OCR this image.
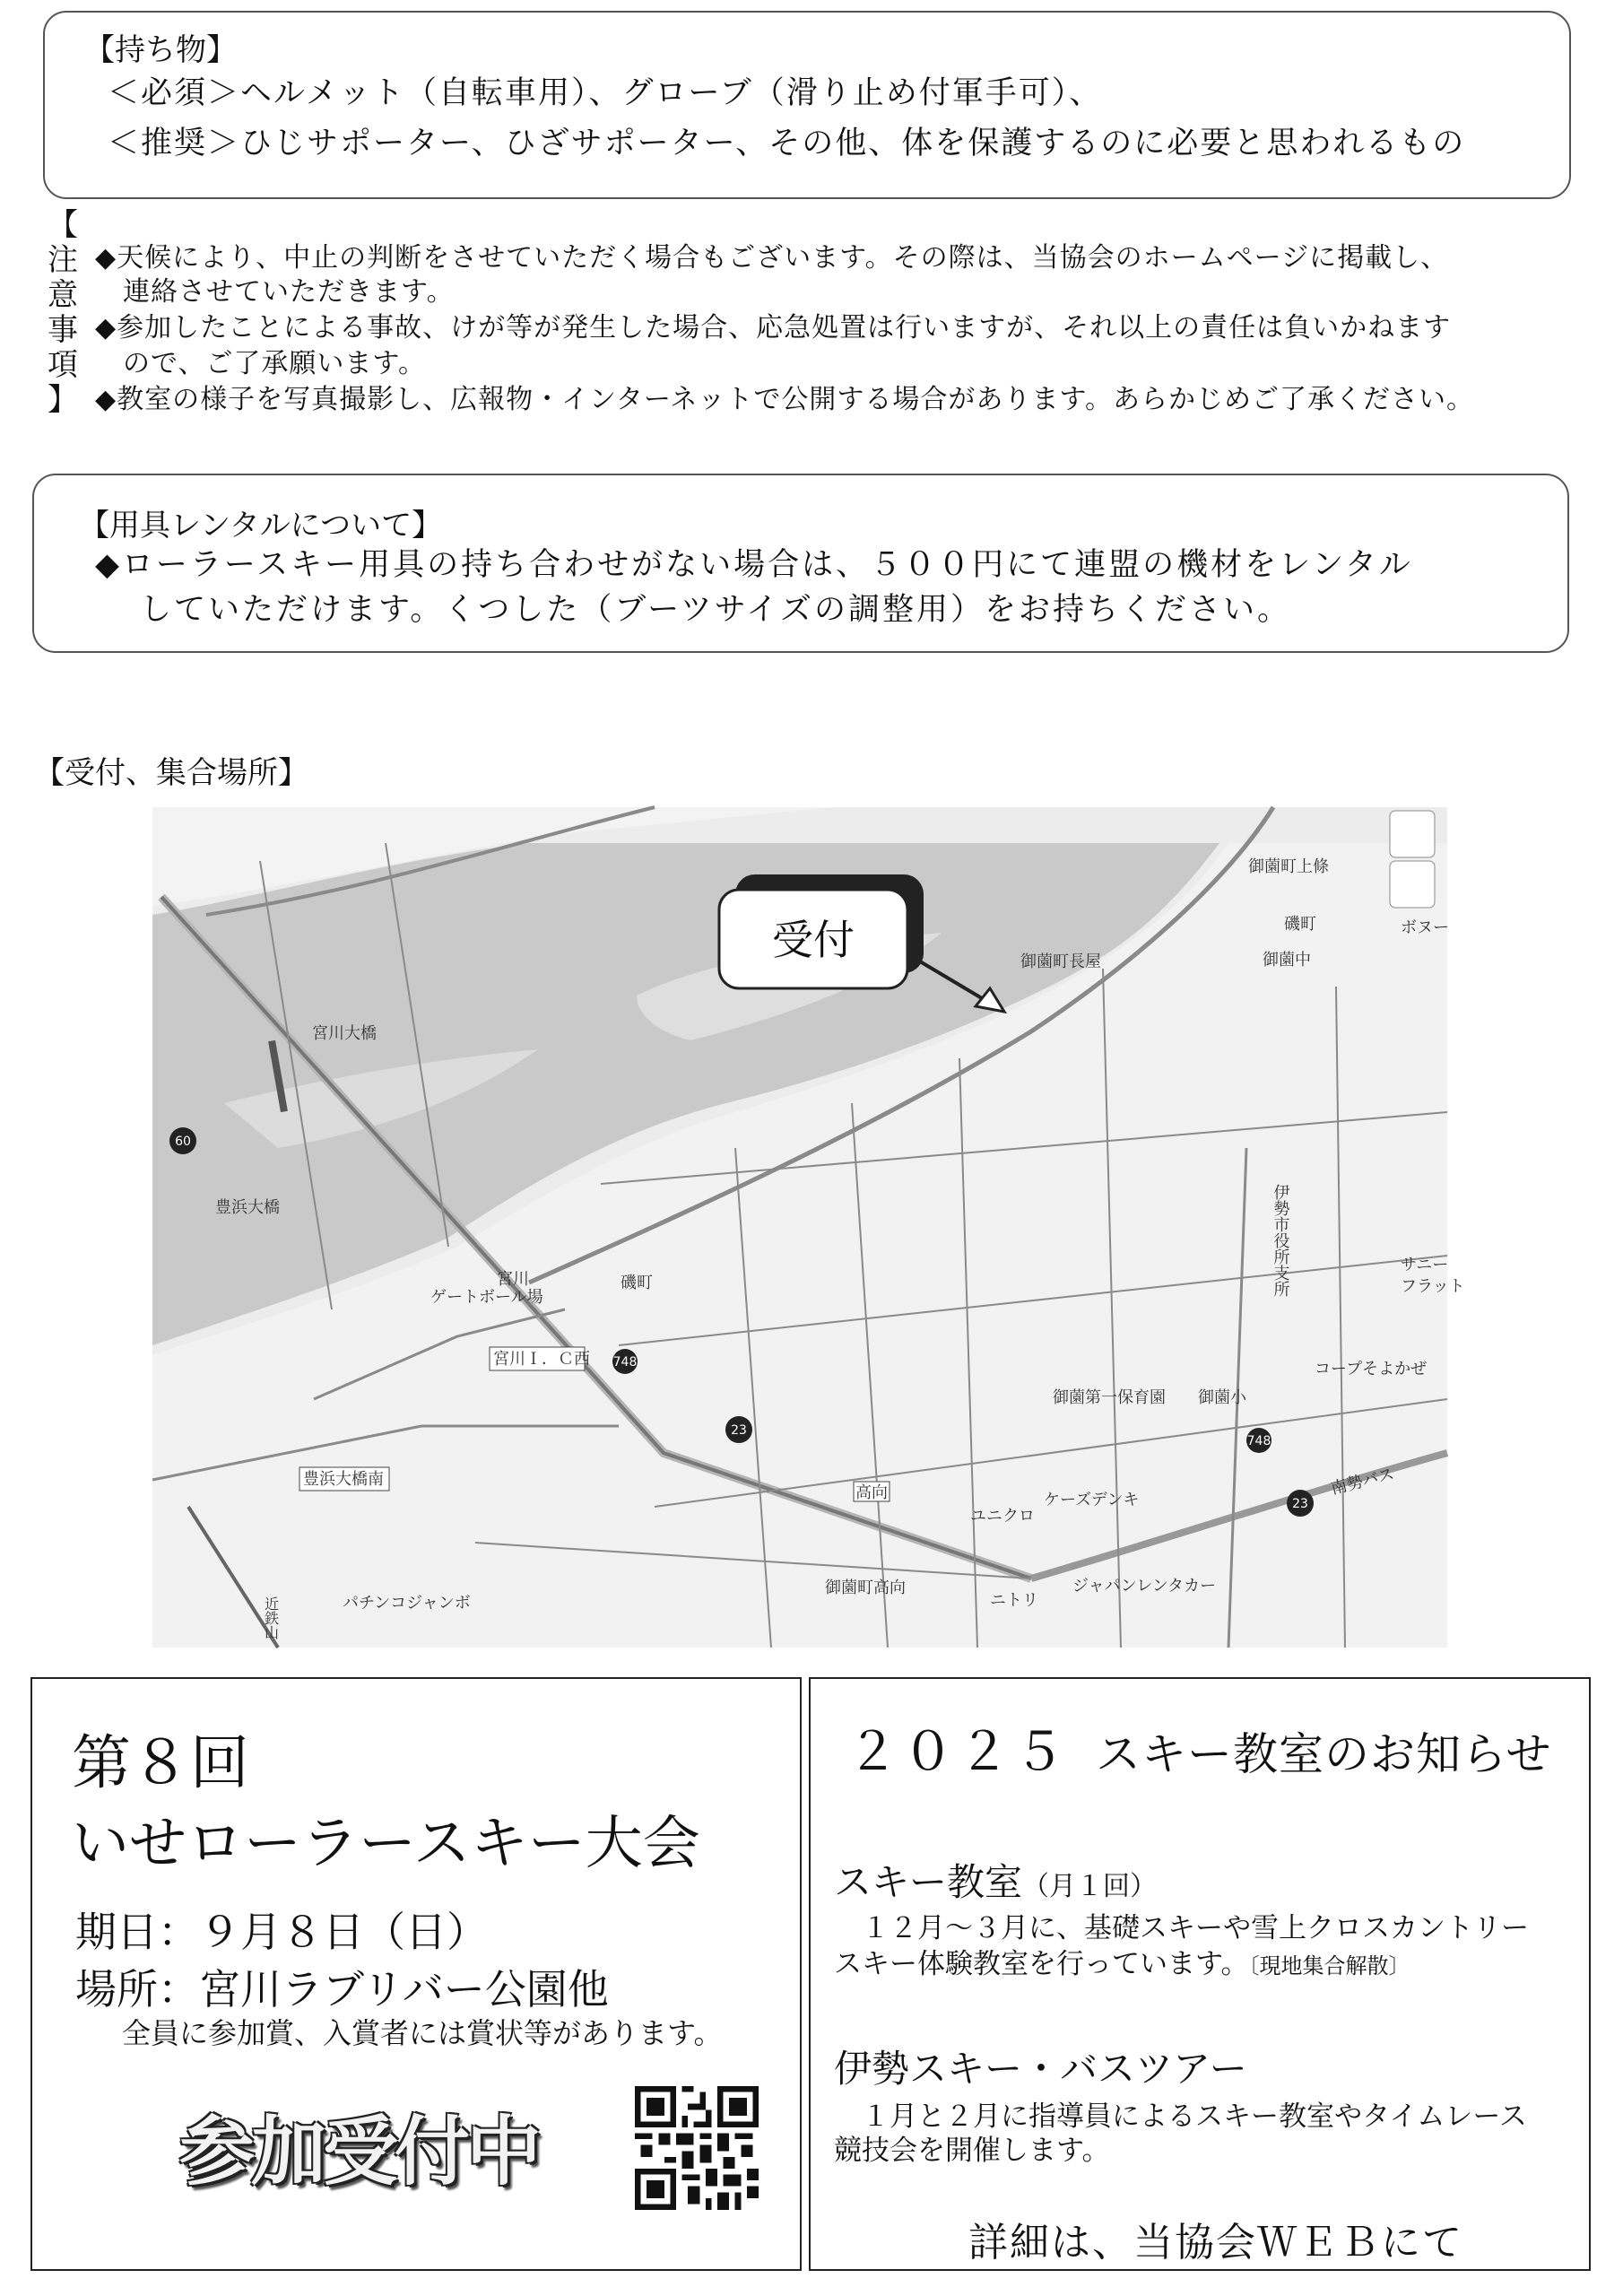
【持ち物】
＜必須＞ヘルメット（自転車用）、グローブ（滑り止め付軍手可）、
＜推奨＞ひじサポーター、ひざサポーター、その他、体を保護するのに必要と思われるもの
【
注
意
事
項
】
◆天候により、中止の判断をさせていただく場合もございます。その際は、当協会のホームページに掲載し、
　連絡させていただきます。
◆参加したことによる事故、けが等が発生した場合、応急処置は行いますが、それ以上の責任は負いかねます
　ので、ご了承願います。
◆教室の様子を写真撮影し、広報物・インターネットで公開する場合があります。あらかじめご了承ください。
【用具レンタルについて】
◆ローラースキー用具の持ち合わせがない場合は、５００円にて連盟の機材をレンタル
していただけます。くつした（ブーツサイズの調整用）をお持ちください。
【受付、集合場所】
受付
60
748
23
748
23
宮川大橋
豊浜大橋
宮川
ゲートボール場
磯町
磯町
宮川Ｉ．Ｃ西
豊浜大橋南
パチンコジャンボ
御薗町長屋
御薗町上條
御薗中
ボヌー
サニー
フラット
コープそよかぜ
御薗第一保育園 御薗小
高向
ユニクロ
ケーズデンキ
御薗町高向
ニトリ
ジャパンレンタカー
南勢バス
伊勢市役所支所
近鉄山
第８回
いせローラースキー大会
期日：９月８日（日）
場所：宮川ラブリバー公園他
全員に参加賞、入賞者には賞状等があります。
参加受付中
２０２５ スキー教室のお知らせ
スキー教室（月１回）
　１２月～３月に、基礎スキーや雪上クロスカントリー
スキー体験教室を行っています。〔現地集合解散〕
伊勢スキー・バスツアー
　１月と２月に指導員によるスキー教室やタイムレース
競技会を開催します。
詳細は、当協会ＷＥＢにて
